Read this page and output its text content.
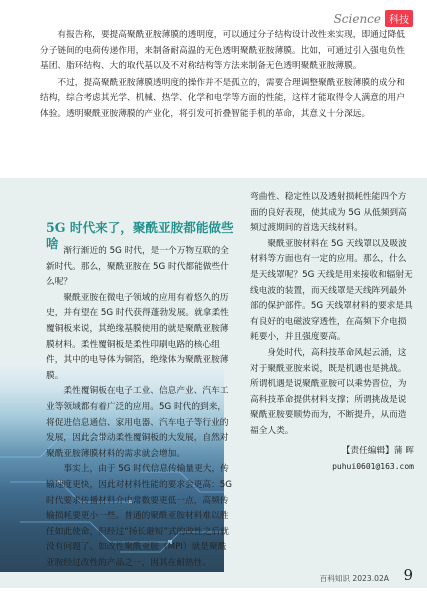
Science 科技

有报告称，要提高聚酰亚胺薄膜的透明度，可以通过分子结构设计改性来实现，即通过降低分子链间的电荷传递作用，来制备耐高温的无色透明聚酰亚胺薄膜。比如，可通过引入强电负性基团、脂环结构、大的取代基以及不对称结构等方法来制备无色透明聚酰亚胺薄膜。

不过，提高聚酰亚胺薄膜透明度的操作并不是孤立的，需要合理调整聚酰亚胺薄膜的成分和结构，综合考虑其光学、机械、热学、化学和电学等方面的性能，这样才能取得令人满意的用户体验。透明聚酰亚胺薄膜的产业化，将引发可折叠智能手机的革命，其意义十分深远。

5G 时代来了，聚酰亚胺都能做些啥 渐行渐近的 5G 时代，是一个万物互联的全新时代。那么，聚酰亚胺在 5G 时代都能做些什么呢？

聚酰亚胺在微电子领域的应用有着悠久的历史，并有望在 5G 时代获得蓬勃发展。就拿柔性覆铜板来说，其绝缘基膜使用的就是聚酰亚胺薄膜材料。柔性覆铜板是柔性印刷电路的核心组件，其中的电导体为铜箔，绝缘体为聚酰亚胺薄膜。

柔性覆铜板在电子工业、信息产业、汽车工业等领域都有着广泛的应用。5G 时代的到来，将促进信息通信、家用电器、汽车电子等行业的发展，因此会带动柔性覆铜板的大发展，自然对聚酰亚胺薄膜材料的需求就会增加。

事实上，由于 5G 时代信息传输量更大，传输速度更快，因此对材料性能的要求会更高：5G 时代要求传播材料介电常数要更低一点，高频传输损耗要更小一些。普通的聚酰亚胺材料难以胜任如此使命，但经过“扬长避短”式的改性之后就没有问题了。如改性聚酰亚胺（MPI）就是聚酰亚胺经过改性的产品之一，因其在耐热性、

弯曲性、稳定性以及透射损耗性能四个方面的良好表现，使其成为 5G 从低频到高频过渡期间的首选天线材料。

聚酰亚胺材料在 5G 天线罩以及吸波材料等方面也有一定的应用。那么，什么是天线罩呢？5G 天线是用来接收和辐射无线电波的装置，而天线罩是天线阵列最外部的保护部件。5G 天线罩材料的要求是具有良好的电磁波穿透性，在高频下介电损耗要小，并且强度要高。

身处时代，高科技革命风起云涌，这对于聚酰亚胺来说，既是机遇也是挑战。所谓机遇是说聚酰亚胺可以乘势晋位，为高科技革命提供材料支撑；所谓挑战是说聚酰亚胺要顺势而为，不断提升，从而造福全人类。

【责任编辑】蒲 晖
puhui0601@163.com
百科知识 2023.02A 9
